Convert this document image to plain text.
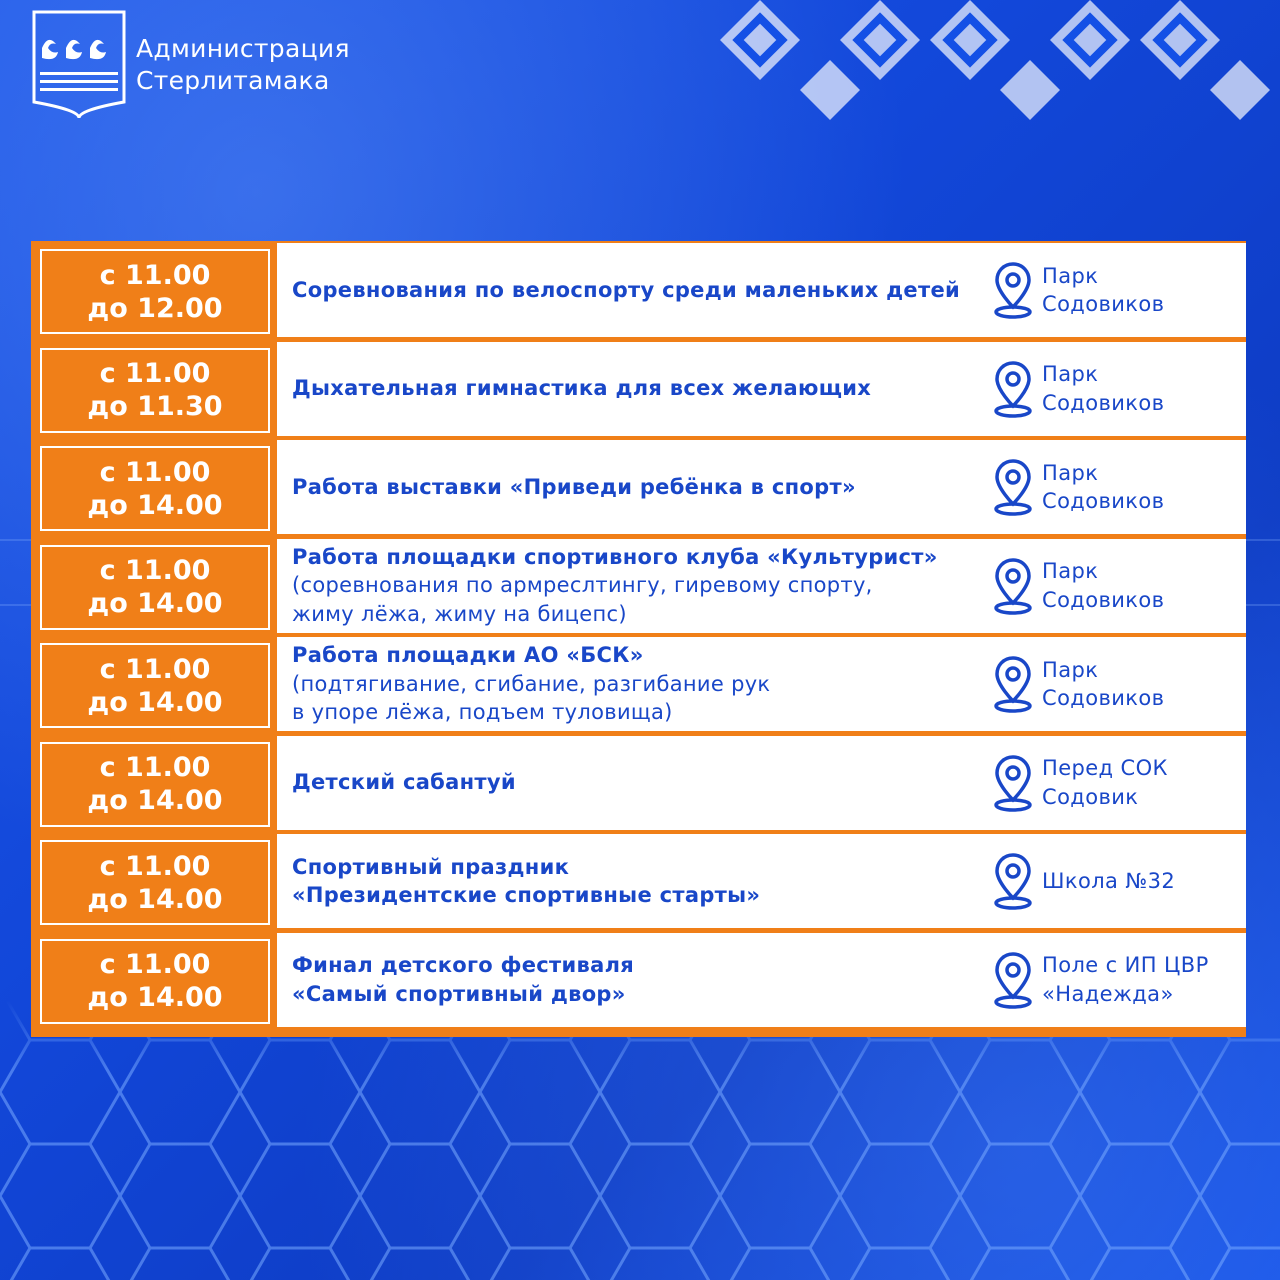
Администрация
Стерлитамака
с 11.00
до 12.00
Соревнования по велоспорту среди маленьких детей
Парк
Содовиков
с 11.00
до 11.30
Дыхательная гимнастика для всех желающих
Парк
Содовиков
с 11.00
до 14.00
Работа выставки «Приведи ребёнка в спорт»
Парк
Содовиков
с 11.00
до 14.00
Работа площадки спортивного клуба «Культурист»
(соревнования по армреслтингу, гиревому спорту,
жиму лёжа, жиму на бицепс)
Парк
Содовиков
с 11.00
до 14.00
Работа площадки АО «БСК»
(подтягивание, сгибание, разгибание рук
в упоре лёжа, подъем туловища)
Парк
Содовиков
с 11.00
до 14.00
Детский сабантуй
Перед СОК
Содовик
с 11.00
до 14.00
Спортивный праздник
«Президентские спортивные старты»
Школа №32
с 11.00
до 14.00
Финал детского фестиваля
«Самый спортивный двор»
Поле с ИП ЦВР
«Надежда»
